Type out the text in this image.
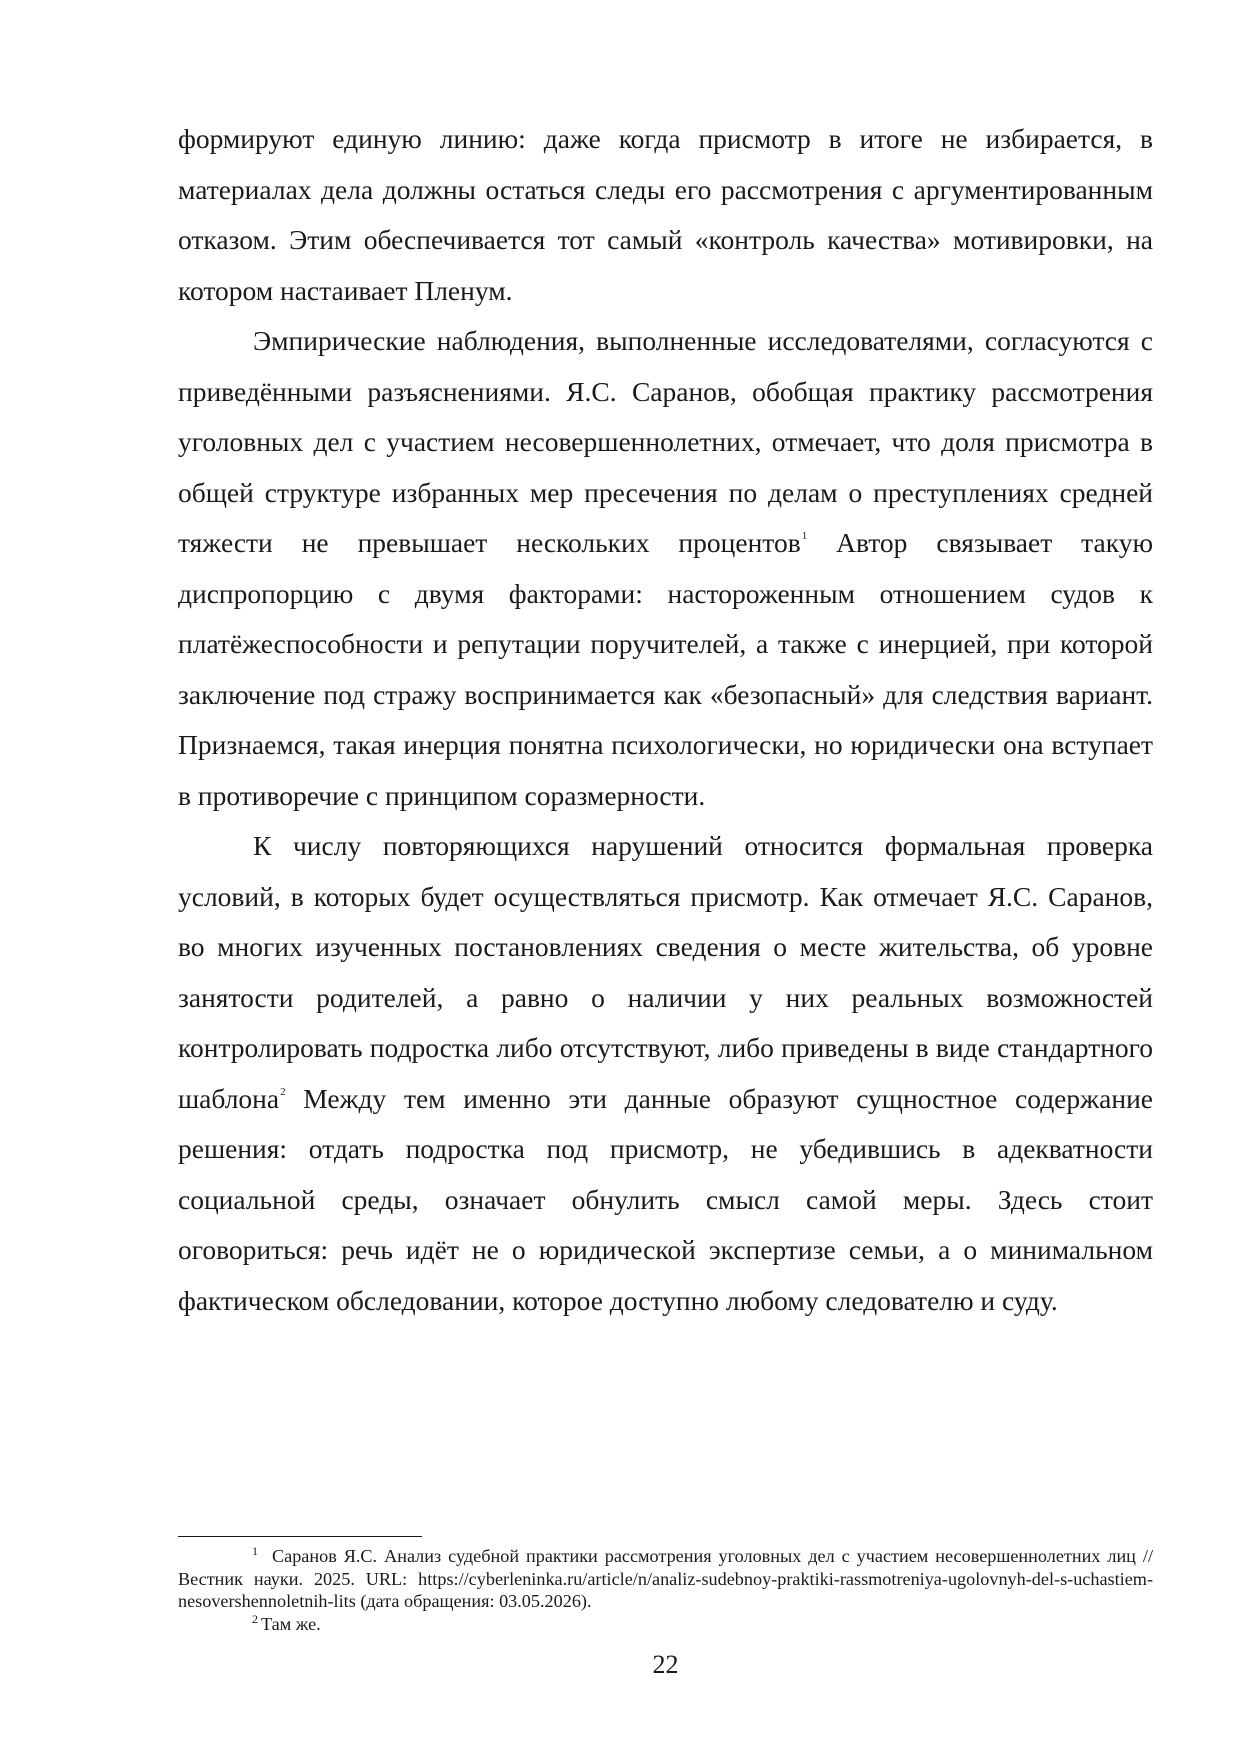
формируют единую линию: даже когда присмотр в итоге не избирается, в материалах дела должны остаться следы его рассмотрения с аргументированным отказом. Этим обеспечивается тот самый «контроль качества» мотивировки, на котором настаивает Пленум.

Эмпирические наблюдения, выполненные исследователями, согласуются с приведёнными разъяснениями. Я.С. Саранов, обобщая практику рассмотрения уголовных дел с участием несовершеннолетних, отмечает, что доля присмотра в общей структуре избранных мер пресечения по делам о преступлениях средней тяжести не превышает нескольких процентов$^1$ Автор связывает такую диспропорцию с двумя факторами: настороженным отношением судов к платёжеспособности и репутации поручителей, а также с инерцией, при которой заключение под стражу воспринимается как «безопасный» для следствия вариант. Признаемся, такая инерция понятна психологически, но юридически она вступает в противоречие с принципом соразмерности.

К числу повторяющихся нарушений относится формальная проверка условий, в которых будет осуществляться присмотр. Как отмечает Я.С. Саранов, во многих изученных постановлениях сведения о месте жительства, об уровне занятости родителей, а равно о наличии у них реальных возможностей контролировать подростка либо отсутствуют, либо приведены в виде стандартного шаблона$^2$ Между тем именно эти данные образуют сущностное содержание решения: отдать подростка под присмотр, не убедившись в адекватности социальной среды, означает обнулить смысл самой меры. Здесь стоит оговориться: речь идёт не о юридической экспертизе семьи, а о минимальном фактическом обследовании, которое доступно любому следователю и суду.

$^1$ Саранов Я.С. Анализ судебной практики рассмотрения уголовных дел с участием несовершеннолетних лиц // Вестник науки. 2025. URL: https://cyberleninka.ru/article/n/analiz-sudebnoy-praktiki-rassmotreniya-ugolovnyh-del-s-uchastiem-nesovershennoletnih-lits (дата обращения: 03.05.2026).

$^2$ Там же.

22
